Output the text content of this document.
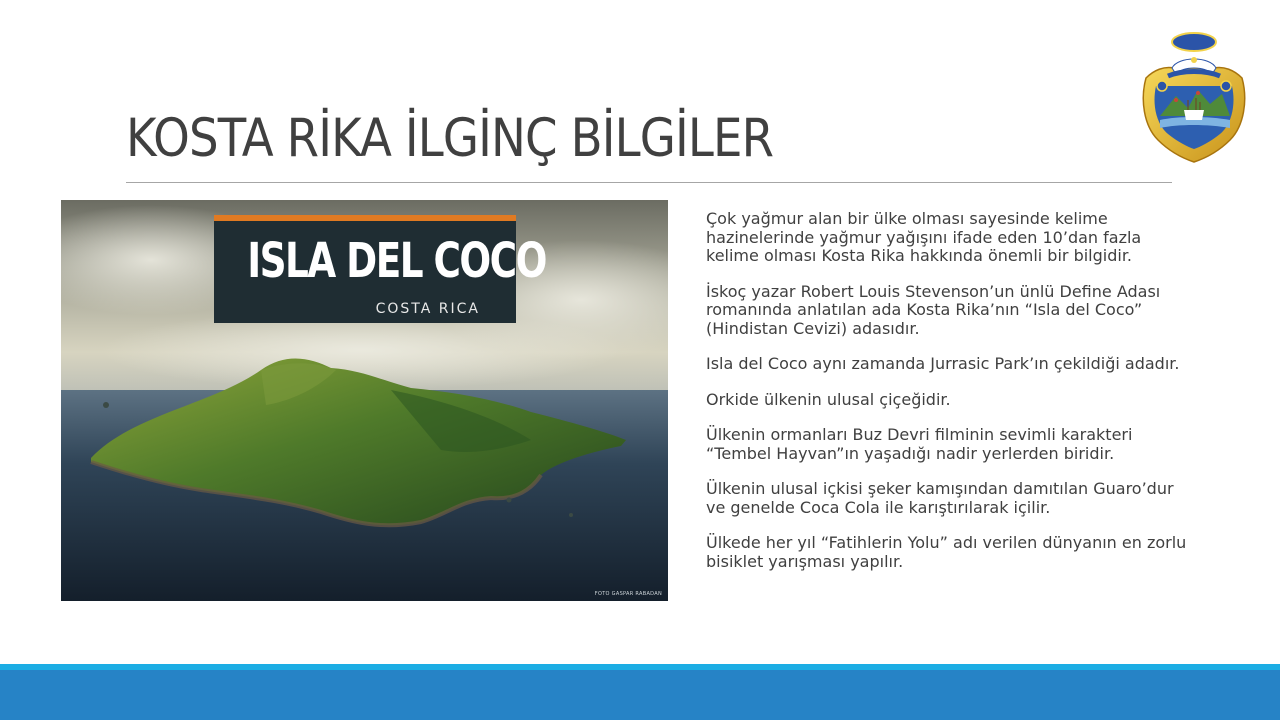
KOSTA RİKA İLGİNÇ BİLGİLER
ISLA DEL COCO
COSTA RICA
FOTO GASPAR RABADAN

Çok yağmur alan bir ülke olması sayesinde kelime hazinelerinde yağmur yağışını ifade eden 10’dan fazla kelime olması Kosta Rika hakkında önemli bir bilgidir.

İskoç yazar Robert Louis Stevenson’un ünlü Define Adası romanında anlatılan ada Kosta Rika’nın “Isla del Coco” (Hindistan Cevizi) adasıdır.

Isla del Coco aynı zamanda Jurrasic Park’ın çekildiği adadır.

Orkide ülkenin ulusal çiçeğidir.

Ülkenin ormanları Buz Devri filminin sevimli karakteri “Tembel Hayvan”ın yaşadığı nadir yerlerden biridir.

Ülkenin ulusal içkisi şeker kamışından damıtılan Guaro’dur ve genelde Coca Cola ile karıştırılarak içilir.

Ülkede her yıl “Fatihlerin Yolu” adı verilen dünyanın en zorlu bisiklet yarışması yapılır.
